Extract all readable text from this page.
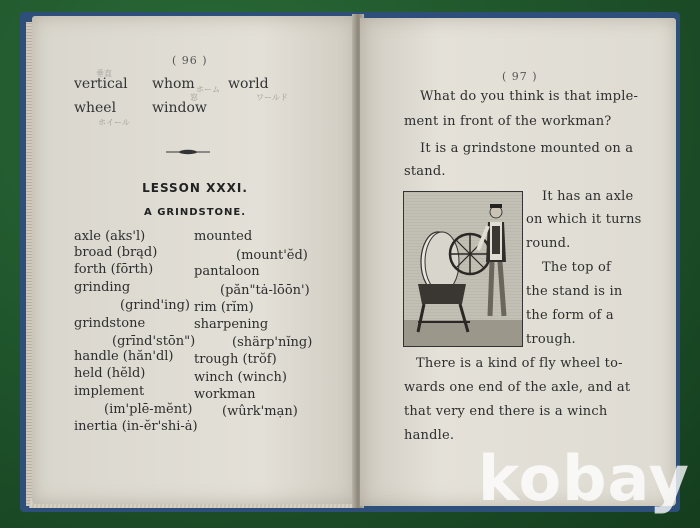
( 96 )
vertical whom world
wheel	window
垂直
ホーム
ワールド
ホイール
窓
LESSON XXXI.
A GRINDSTONE.
axle (aks'l)
broad (brąd)
forth (fōrth)
grinding
(grind'ing)
grindstone
(grīnd'stōn")
handle (hăn'dl)
held (hĕld)
implement
(im'plē-mĕnt)
inertia (in-ĕr'shi-ȧ)
mounted
(mount'ĕd)
pantaloon
(păn"tȧ-lōōn')
rim (rĭm)
sharpening
(shärp'nĭng)
trough (trŏf)
winch (winch)
workman
(wûrk'mạn)
( 97 )
What do you think is that imple-
ment in front of the workman?
It is a grindstone mounted on a
stand.
It has an axle
on which it turns
round.
The top of
the stand is in
the form of a
trough.
There is a kind of fly wheel to-
wards one end of the axle, and at
that very end there is a winch
handle.
kobay
